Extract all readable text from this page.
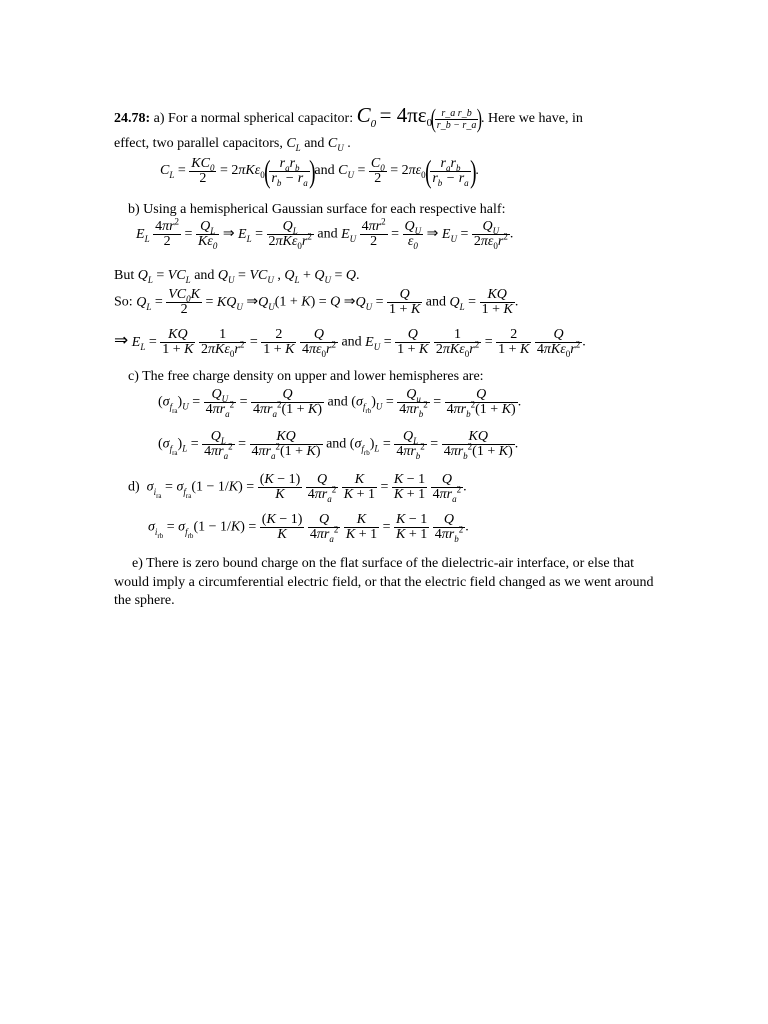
24.78: a) For a normal spherical capacitor: $C_0 = 4\pi\varepsilon_0$(
$\frac{\text{r\_a r\_b}}{r\_b - r\_a}$
). Here we have, in
effect, two parallel capacitors, $C_L$ and $C_U$ .
$C_L = \frac{KC_0}{2} = 2\pi K\varepsilon_0$( $r_ar_b$
$r_b - r_a$ )and $C_U = \frac{C_0}{2} = 2\pi\varepsilon_0$( $r_ar_b$
$r_b - r_a$ ).
b) Using a hemispherical Gaussian surface for each respective half:
$E_L \frac{4\pi r^2}{2} = \frac{Q_L}{K\varepsilon_0}$ ⇒ $E_L$ =
$Q_L$
$2\pi K\varepsilon_0r^2$ and $E_U \frac{4\pi r^2}{2} = \frac{Q_U}{\varepsilon_0}$ ⇒ $E_U = \frac{Q_U}{2\pi\varepsilon_0r^2}$ .
But $Q_L = VC_L$ and $Q_U = VC_U$ , $Q_L + Q_U = Q$.
So: $Q_L = \frac{VC_0K}{2} = KQ_U$ $\Rightarrow Q_U(1 + K) = Q$ $\Rightarrow Q_U = \frac{Q}{1 + K}$ and $Q_L = \frac{KQ}{1 + K}$ .
⇒ $E_L = \frac{KQ}{1 + K}$
	1
$2\pi K\varepsilon_0r^2 = \frac{2}{1 + K}$
$\frac{Q}{4\pi\varepsilon_0r^2}$ and $E_U = \frac{Q}{1 + K}$
	1
$2\pi K\varepsilon_0r^2 = \frac{2}{1 + K}$
	Q
$4\pi K\varepsilon_0r^2$ .
c) The free charge density on upper and lower hemispheres are:
$(\sigma_{f_{ra}})_U$ =
$Q_U$
$4\pi r_a^2$ =
Q
$4\pi r_a^2(1 + K)$ and $(\sigma_{f_{rb}})_U$ =
$Q_u$
$4\pi r_b^2$ =
Q
$4\pi r_b^2(1 + K)$ .
$(\sigma_{f_{ra}})_L$ =
$Q_L$
$4\pi r_a^2$ =
KQ
$4\pi r_a^2(1 + K)$ and $(\sigma_{f_{rb}})_L$ =
$Q_L$
$4\pi r_b^2$ =
KQ
$4\pi r_b^2(1 + K)$ .
d) $\sigma_{i_{ra}} = \sigma_{f_{ra}}(1 - 1/K) = \frac{(K - 1)}{K}$
	Q
$4\pi r_a^2$
$\frac{K}{K + 1} = \frac{K - 1}{K + 1}$
	Q
$4\pi r_a^2$ .
$\sigma_{i_{rb}} = \sigma_{f_{rb}}(1 - 1/K) = \frac{(K - 1)}{K}$
	Q
$4\pi r_a^2$
$\frac{K}{K + 1} = \frac{K - 1}{K + 1}$
	Q
$4\pi r_b^2$ .

e) There is zero bound charge on the flat surface of the dielectric-air interface, or else that would imply a circumferential electric field, or that the electric field changed as we went around the sphere.
